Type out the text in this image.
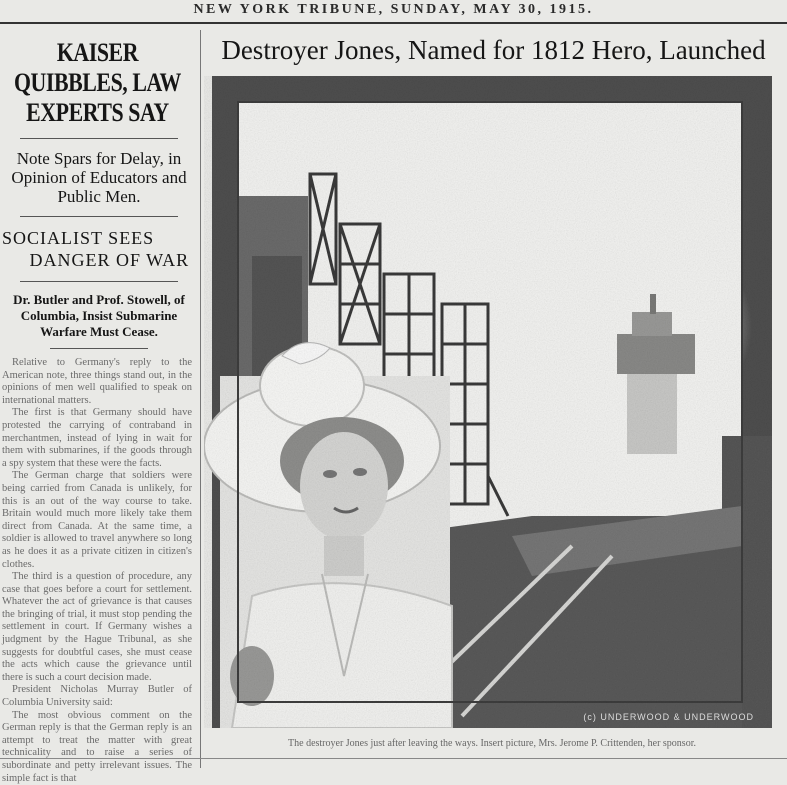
NEW YORK TRIBUNE, SUNDAY, MAY 30, 1915.
KAISER QUIBBLES, LAW EXPERTS SAY
Note Spars for Delay, in Opinion of Educators and Public Men.
SOCIALIST SEES
DANGER OF WAR
Dr. Butler and Prof. Stowell, of Columbia, Insist Submarine Warfare Must Cease.

Relative to Germany's reply to the American note, three things stand out, in the opinions of men well qualified to speak on international matters.

The first is that Germany should have protested the carrying of contraband in merchantmen, instead of lying in wait for them with submarines, if the goods through a spy system that these were the facts.

The German charge that soldiers were being carried from Canada is unlikely, for this is an out of the way course to take. Britain would much more likely take them direct from Canada. At the same time, a soldier is allowed to travel anywhere so long as he does it as a private citizen in citizen's clothes.

The third is a question of procedure, any case that goes before a court for settlement. Whatever the act of grievance is that causes the bringing of trial, it must stop pending the settlement in court. If Germany wishes a judgment by the Hague Tribunal, as she suggests for doubtful cases, she must cease the acts which cause the grievance until there is such a court decision made.

President Nicholas Murray Butler of Columbia University said:

The most obvious comment on the German reply is that the German reply is an attempt to treat the matter with great technicality and to raise a series of subordinate and petty irrelevant issues. The simple fact is that

Destroyer Jones, Named for 1812 Hero, Launched
(c) UNDERWOOD & UNDERWOOD
The destroyer Jones just after leaving the ways. Insert picture, Mrs. Jerome P. Crittenden, her sponsor.
